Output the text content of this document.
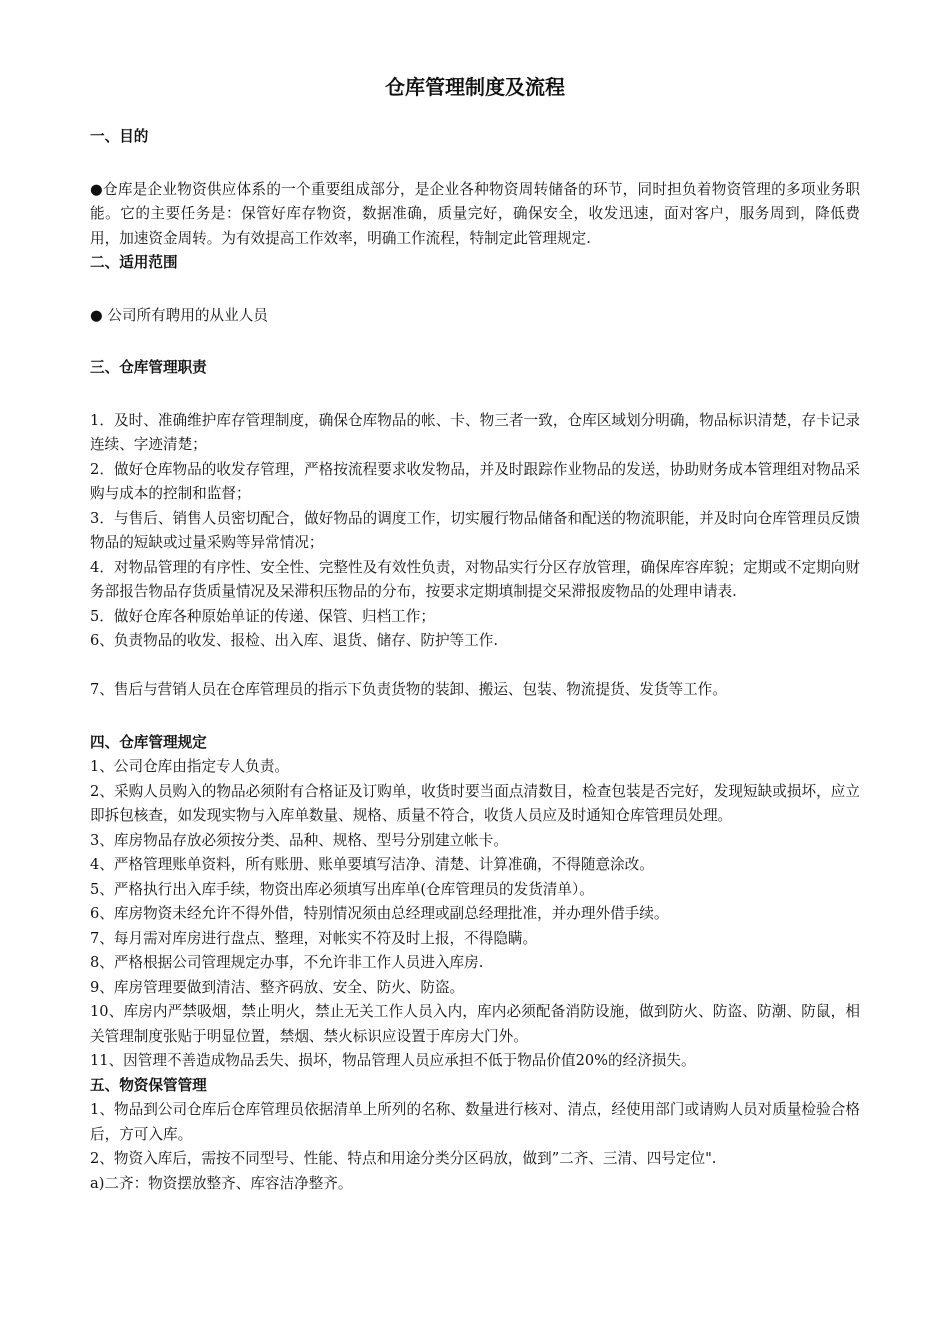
仓库管理制度及流程

一、目的

●仓库是企业物资供应体系的一个重要组成部分，是企业各种物资周转储备的环节，同时担负着物资管理的多项业务职能。它的主要任务是：保管好库存物资，数据准确，质量完好，确保安全，收发迅速，面对客户，服务周到，降低费用，加速资金周转。为有效提高工作效率，明确工作流程，特制定此管理规定.

二、适用范围

● 公司所有聘用的从业人员

三、仓库管理职责

1．及时、准确维护库存管理制度，确保仓库物品的帐、卡、物三者一致，仓库区域划分明确，物品标识清楚，存卡记录连续、字迹清楚；

2．做好仓库物品的收发存管理，严格按流程要求收发物品，并及时跟踪作业物品的发送，协助财务成本管理组对物品采购与成本的控制和监督；

3．与售后、销售人员密切配合，做好物品的调度工作，切实履行物品储备和配送的物流职能，并及时向仓库管理员反馈物品的短缺或过量采购等异常情况；

4．对物品管理的有序性、安全性、完整性及有效性负责，对物品实行分区存放管理，确保库容库貌；定期或不定期向财务部报告物品存货质量情况及呆滞积压物品的分布，按要求定期填制提交呆滞报废物品的处理申请表.

5．做好仓库各种原始单证的传递、保管、归档工作；

6、负责物品的收发、报检、出入库、退货、储存、防护等工作.

7、售后与营销人员在仓库管理员的指示下负责货物的装卸、搬运、包装、物流提货、发货等工作。

四、仓库管理规定

1、公司仓库由指定专人负责。

2、采购人员购入的物品必须附有合格证及订购单，收货时要当面点清数目，检查包装是否完好，发现短缺或损坏，应立即拆包核查，如发现实物与入库单数量、规格、质量不符合，收货人员应及时通知仓库管理员处理。

3、库房物品存放必须按分类、品种、规格、型号分别建立帐卡。

4、严格管理账单资料，所有账册、账单要填写洁净、清楚、计算准确，不得随意涂改。

5、严格执行出入库手续，物资出库必须填写出库单(仓库管理员的发货清单）。

6、库房物资未经允许不得外借，特别情况须由总经理或副总经理批准，并办理外借手续。

7、每月需对库房进行盘点、整理，对帐实不符及时上报，不得隐瞒。

8、严格根据公司管理规定办事，不允许非工作人员进入库房.

9、库房管理要做到清洁、整齐码放、安全、防火、防盗。

10、库房内严禁吸烟，禁止明火，禁止无关工作人员入内，库内必须配备消防设施，做到防火、防盗、防潮、防鼠，相关管理制度张贴于明显位置，禁烟、禁火标识应设置于库房大门外。

11、因管理不善造成物品丢失、损坏，物品管理人员应承担不低于物品价值20%的经济损失。

五、物资保管管理

1、物品到公司仓库后仓库管理员依据清单上所列的名称、数量进行核对、清点，经使用部门或请购人员对质量检验合格后，方可入库。

2、物资入库后，需按不同型号、性能、特点和用途分类分区码放，做到”二齐、三清、四号定位".

a)二齐：物资摆放整齐、库容洁净整齐。
